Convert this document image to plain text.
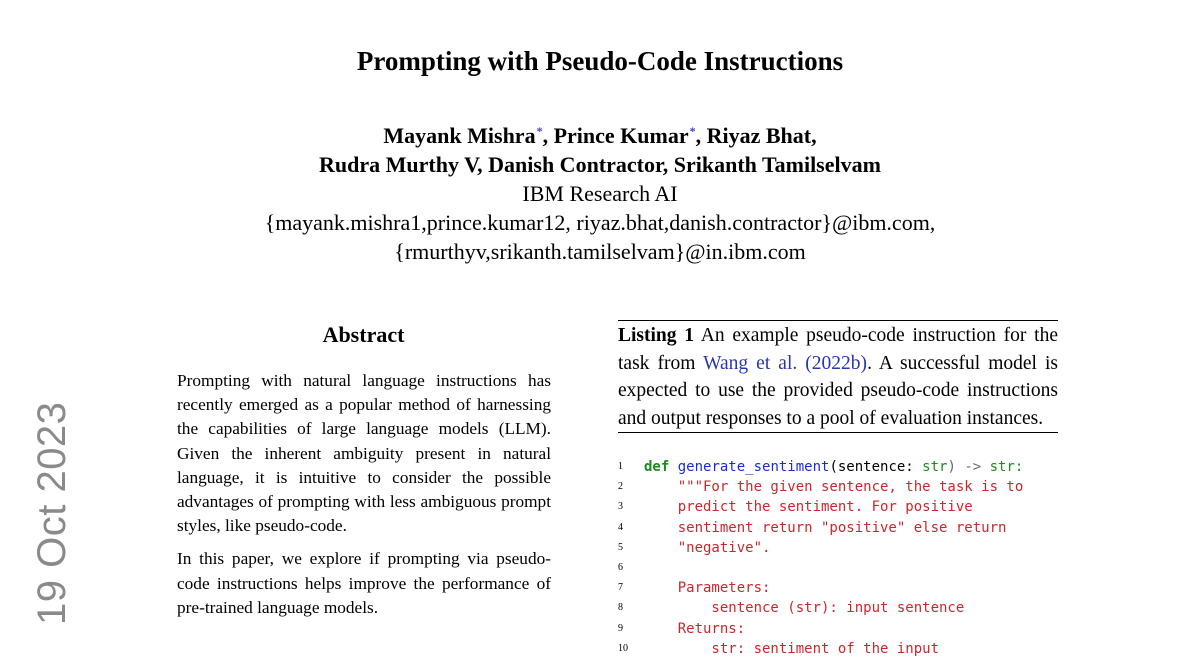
19 Oct 2023
Prompting with Pseudo-Code Instructions
Mayank Mishra*, Prince Kumar*, Riyaz Bhat,
Rudra Murthy V, Danish Contractor, Srikanth Tamilselvam
IBM Research AI
{mayank.mishra1,prince.kumar12, riyaz.bhat,danish.contractor}@ibm.com,
{rmurthyv,srikanth.tamilselvam}@in.ibm.com
Abstract

Prompting with natural language instructions has recently emerged as a popular method of harnessing the capabilities of large language models (LLM). Given the inherent ambiguity present in natural language, it is intuitive to consider the possible advantages of prompting with less ambiguous prompt styles, like pseudo-code.

In this paper, we explore if prompting via pseudo-code instructions helps improve the performance of pre-trained language models.

Listing 1 An example pseudo-code instruction for the task from Wang et al. (2022b). A successful model is expected to use the provided pseudo-code instructions and output responses to a pool of evaluation instances.
1 def generate_sentiment(sentence: str) -> str:
2    """For the given sentence, the task is to
3    predict the sentiment. For positive
4    sentiment return "positive" else return
5    "negative".
6
7    Parameters:
8        sentence (str): input sentence
9    Returns:
10        str: sentiment of the input
